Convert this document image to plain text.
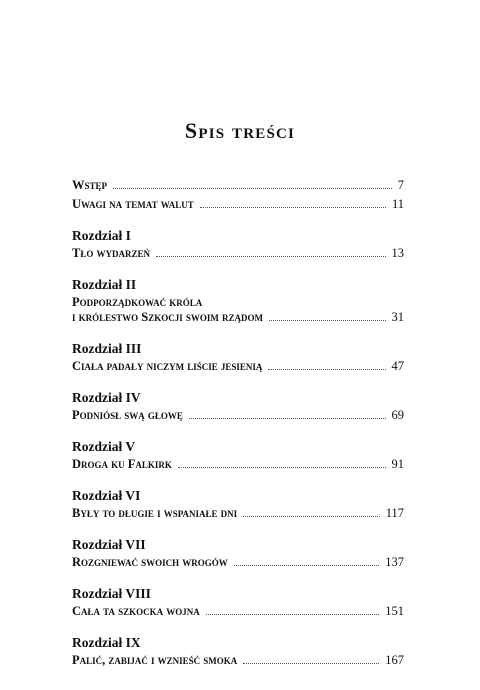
Spis treści
Wstęp	7
Uwagi na temat walut	11
Rozdział I
Tło wydarzeń	13
Rozdział II
Podporządkować króla
i królestwo Szkocji swoim rządom	31
Rozdział III
Ciała padały niczym liście jesienią	47
Rozdział IV
Podniósł swą głowę	69
Rozdział V
Droga ku Falkirk	91
Rozdział VI
Były to długie i wspaniałe dni	117
Rozdział VII
Rozgniewać swoich wrogów	137
Rozdział VIII
Cała ta szkocka wojna	151
Rozdział IX
Palić, zabijać i wznieść smoka	167
